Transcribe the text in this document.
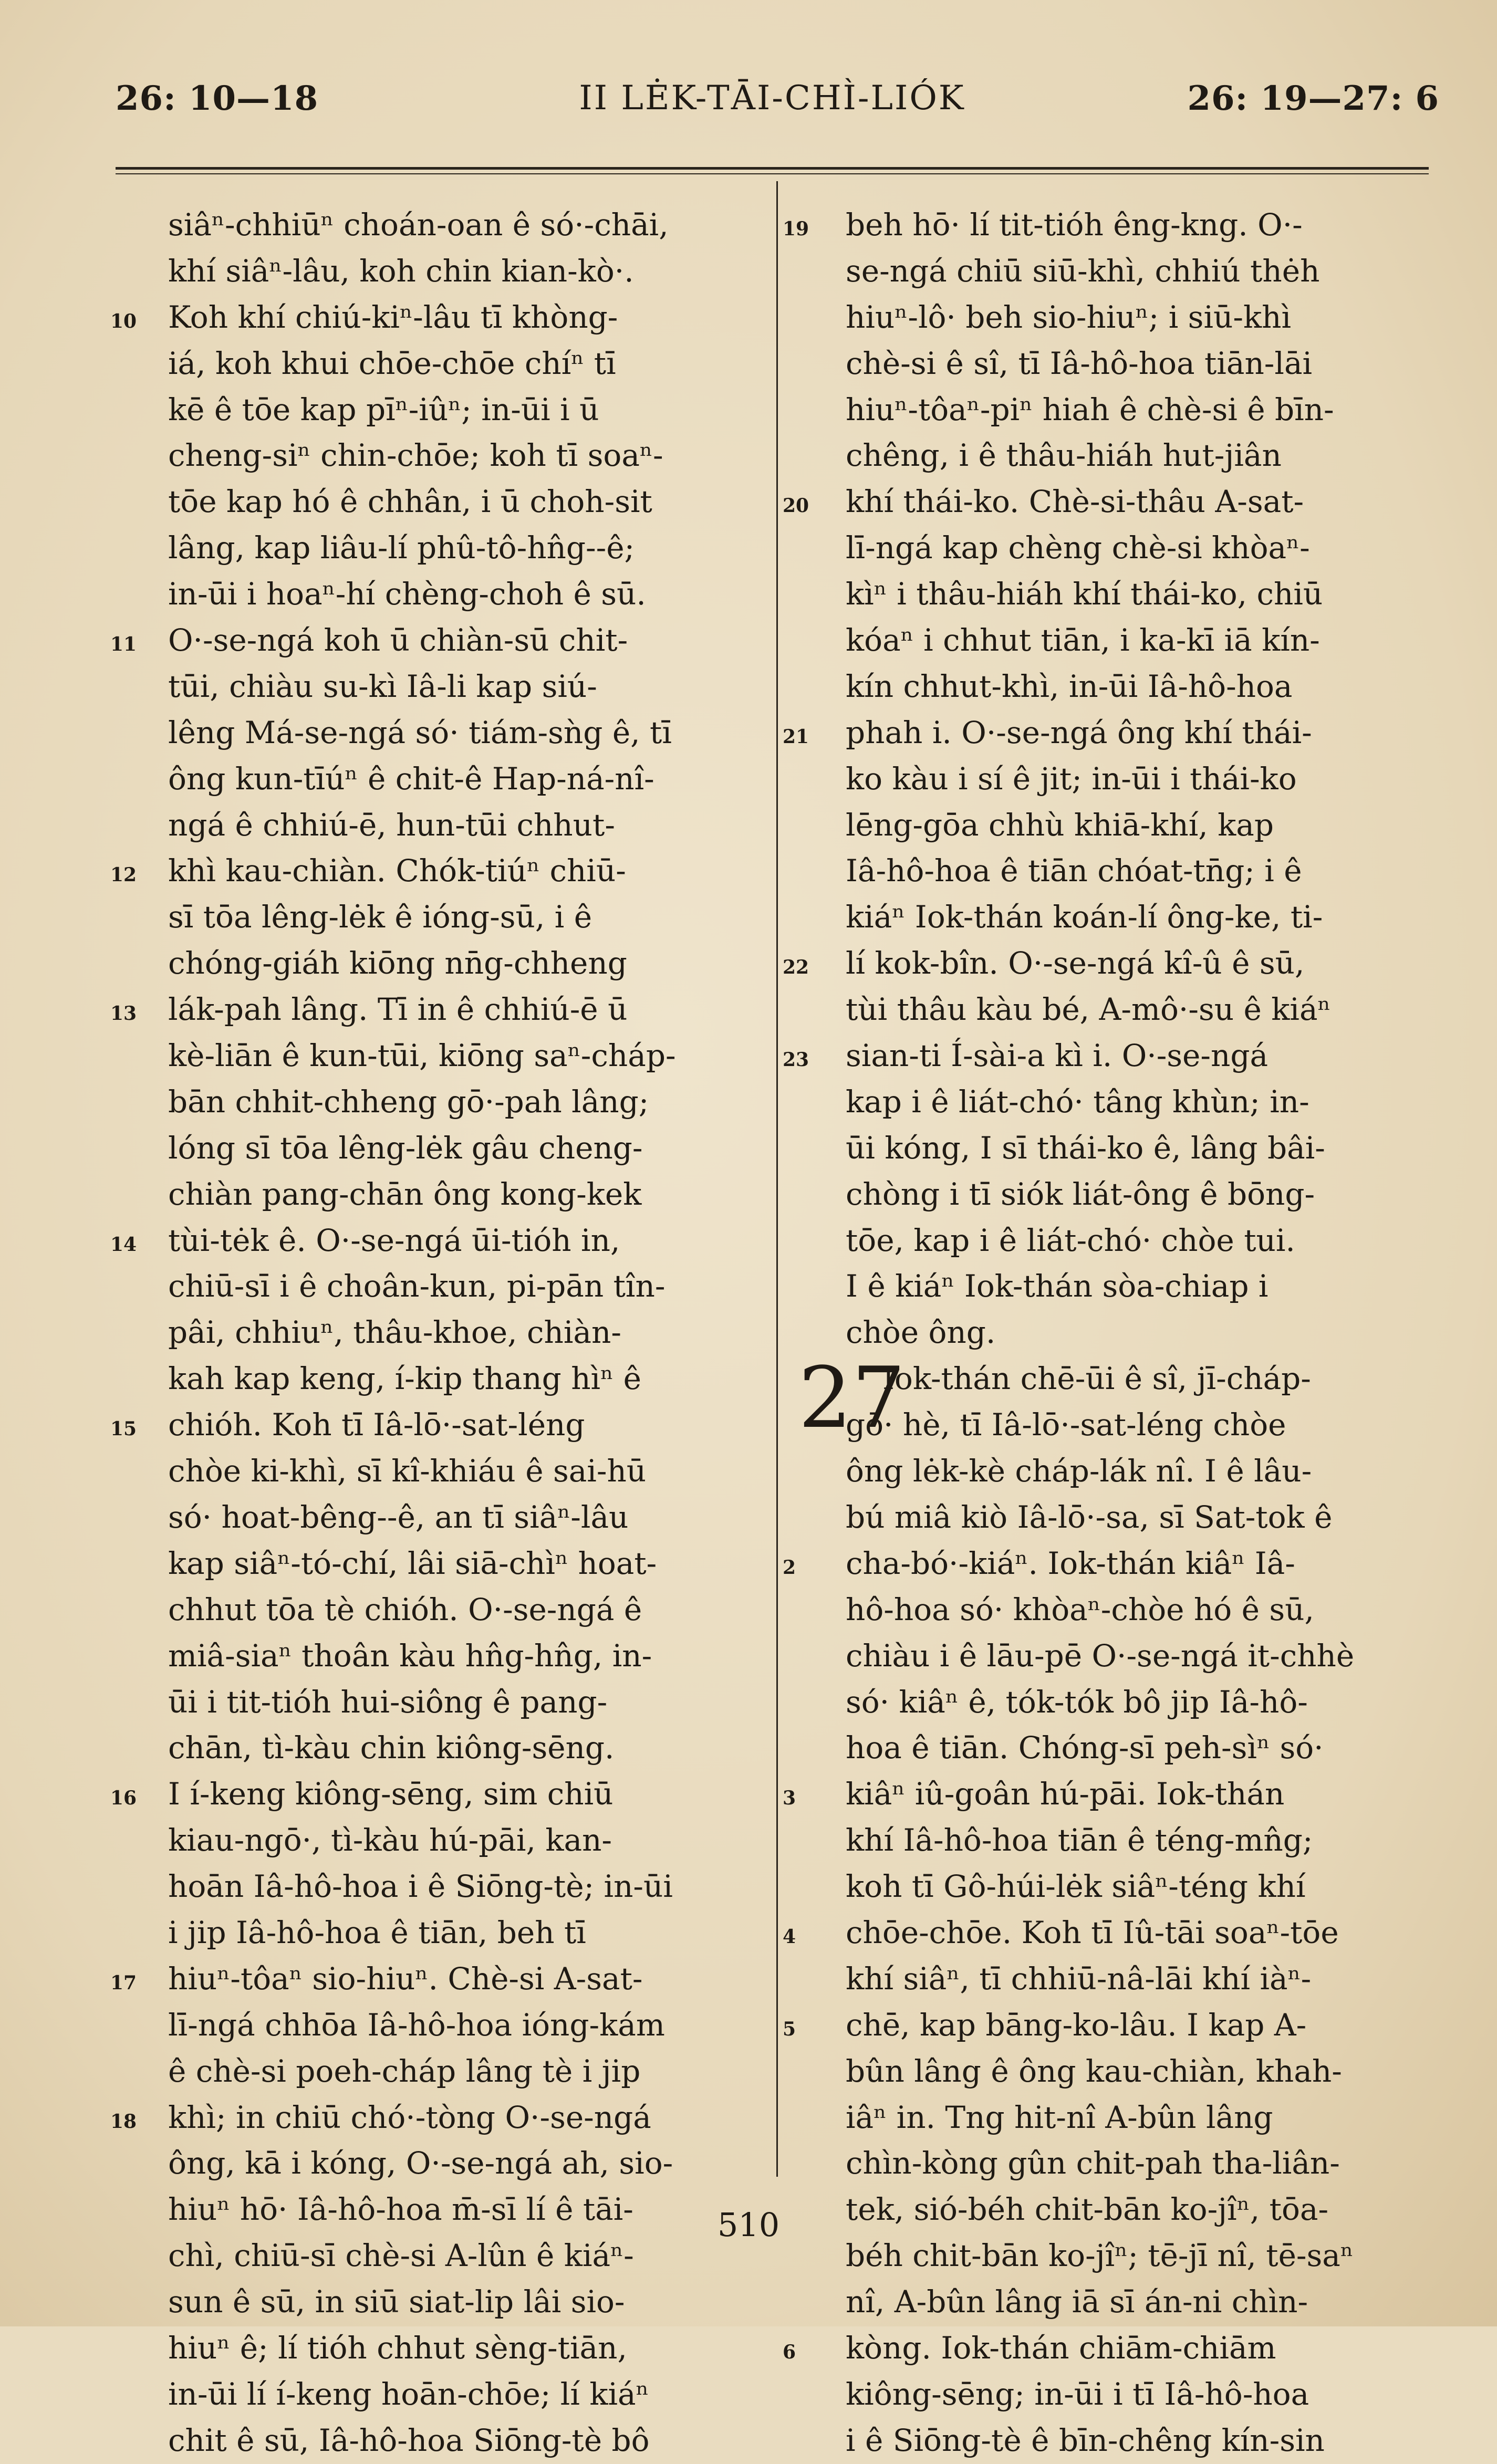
26: 10—18	II LĖK-TĀI-CHÌ-LIÓK	26: 19—27: 6
siâⁿ-chhiūⁿ choán-oan ê só·-chāi,
khí siâⁿ-lâu, koh chin kian-kò·.
10 Koh khí chiú-kiⁿ-lâu tī khòng-
iá, koh khui chōe-chōe chíⁿ tī
kē ê tōe kap pīⁿ-iûⁿ; in-ūi i ū
cheng-siⁿ chin-chōe; koh tī soaⁿ-
tōe kap hó ê chhân, i ū choh-sit
lâng, kap liâu-lí phû-tô-hn̂g--ê;
in-ūi i hoaⁿ-hí chèng-choh ê sū.
11 O·-se-ngá koh ū chiàn-sū chit-
tūi, chiàu su-kì Iâ-li kap siú-
lêng Má-se-ngá só· tiám-sǹg ê, tī
ông kun-tīúⁿ ê chit-ê Hap-ná-nî-
ngá ê chhiú-ē, hun-tūi chhut-
12 khì kau-chiàn. Chók-tiúⁿ chiū-
sī tōa lêng-lėk ê ióng-sū, i ê
chóng-giáh kiōng nn̄g-chheng
13 lák-pah lâng. Tī in ê chhiú-ē ū
kè-liān ê kun-tūi, kiōng saⁿ-cháp-
bān chhit-chheng gō·-pah lâng;
lóng sī tōa lêng-lėk gâu cheng-
chiàn pang-chān ông kong-kek
14 tùi-tėk ê. O·-se-ngá ūi-tióh in,
chiū-sī i ê choân-kun, pi-pān tîn-
pâi, chhiuⁿ, thâu-khoe, chiàn-
kah kap keng, í-kip thang hìⁿ ê
15 chióh. Koh tī Iâ-lō·-sat-léng
chòe ki-khì, sī kî-khiáu ê sai-hū
só· hoat-bêng--ê, an tī siâⁿ-lâu
kap siâⁿ-tó-chí, lâi siā-chìⁿ hoat-
chhut tōa tè chióh. O·-se-ngá ê
miâ-siaⁿ thoân kàu hn̂g-hn̂g, in-
ūi i tit-tióh hui-siông ê pang-
chān, tì-kàu chin kiông-sēng.
16 I í-keng kiông-sēng, sim chiū
kiau-ngō·, tì-kàu hú-pāi, kan-
hoān Iâ-hô-hoa i ê Siōng-tè; in-ūi
i jip Iâ-hô-hoa ê tiān, beh tī
17 hiuⁿ-tôaⁿ sio-hiuⁿ. Chè-si A-sat-
lī-ngá chhōa Iâ-hô-hoa ióng-kám
ê chè-si poeh-cháp lâng tè i jip
18 khì; in chiū chó·-tòng O·-se-ngá
ông, kā i kóng, O·-se-ngá ah, sio-
hiuⁿ hō· Iâ-hô-hoa m̄-sī lí ê tāi-
chì, chiū-sī chè-si A-lûn ê kiáⁿ-
sun ê sū, in siū siat-lip lâi sio-
hiuⁿ ê; lí tióh chhut sèng-tiān,
in-ūi lí í-keng hoān-chōe; lí kiáⁿ
chit ê sū, Iâ-hô-hoa Siōng-tè bô
19 beh hō· lí tit-tióh êng-kng. O·-
se-ngá chiū siū-khì, chhiú thėh
hiuⁿ-lô· beh sio-hiuⁿ; i siū-khì
chè-si ê sî, tī Iâ-hô-hoa tiān-lāi
hiuⁿ-tôaⁿ-piⁿ hiah ê chè-si ê bīn-
chêng, i ê thâu-hiáh hut-jiân
20 khí thái-ko. Chè-si-thâu A-sat-
lī-ngá kap chèng chè-si khòaⁿ-
kìⁿ i thâu-hiáh khí thái-ko, chiū
kóaⁿ i chhut tiān, i ka-kī iā kín-
kín chhut-khì, in-ūi Iâ-hô-hoa
21 phah i. O·-se-ngá ông khí thái-
ko kàu i sí ê jit; in-ūi i thái-ko
lēng-gōa chhù khiā-khí, kap
Iâ-hô-hoa ê tiān chóat-tn̄g; i ê
kiáⁿ Iok-thán koán-lí ông-ke, ti-
22 lí kok-bîn. O·-se-ngá kî-û ê sū,
tùi thâu kàu bé, A-mô·-su ê kiáⁿ
23 sian-ti Í-sài-a kì i. O·-se-ngá
kap i ê liát-chó· tâng khùn; in-
ūi kóng, I sī thái-ko ê, lâng bâi-
chòng i tī siók liát-ông ê bōng-
tōe, kap i ê liát-chó· chòe tui.
I ê kiáⁿ Iok-thán sòa-chiap i
chòe ông.
27
Iok-thán chē-ūi ê sî, jī-cháp-
gō· hè, tī Iâ-lō·-sat-léng chòe
ông lėk-kè cháp-lák nî. I ê lâu-
bú miâ kiò Iâ-lō·-sa, sī Sat-tok ê
2 cha-bó·-kiáⁿ. Iok-thán kiâⁿ Iâ-
hô-hoa só· khòaⁿ-chòe hó ê sū,
chiàu i ê lāu-pē O·-se-ngá it-chhè
só· kiâⁿ ê, tók-tók bô jip Iâ-hô-
hoa ê tiān. Chóng-sī peh-sìⁿ só·
3 kiâⁿ iû-goân hú-pāi. Iok-thán
khí Iâ-hô-hoa tiān ê téng-mn̂g;
koh tī Gô-húi-lėk siâⁿ-téng khí
4 chōe-chōe. Koh tī Iû-tāi soaⁿ-tōe
khí siâⁿ, tī chhiū-nâ-lāi khí iàⁿ-
5 chē, kap bāng-ko-lâu. I kap A-
bûn lâng ê ông kau-chiàn, khah-
iâⁿ in. Tng hit-nî A-bûn lâng
chìn-kòng gûn chit-pah tha-liân-
tek, sió-béh chit-bān ko-jîⁿ, tōa-
béh chit-bān ko-jîⁿ; tē-jī nî, tē-saⁿ
nî, A-bûn lâng iā sī án-ni chìn-
6 kòng. Iok-thán chiām-chiām
kiông-sēng; in-ūi i tī Iâ-hô-hoa
i ê Siōng-tè ê bīn-chêng kín-sin
510
